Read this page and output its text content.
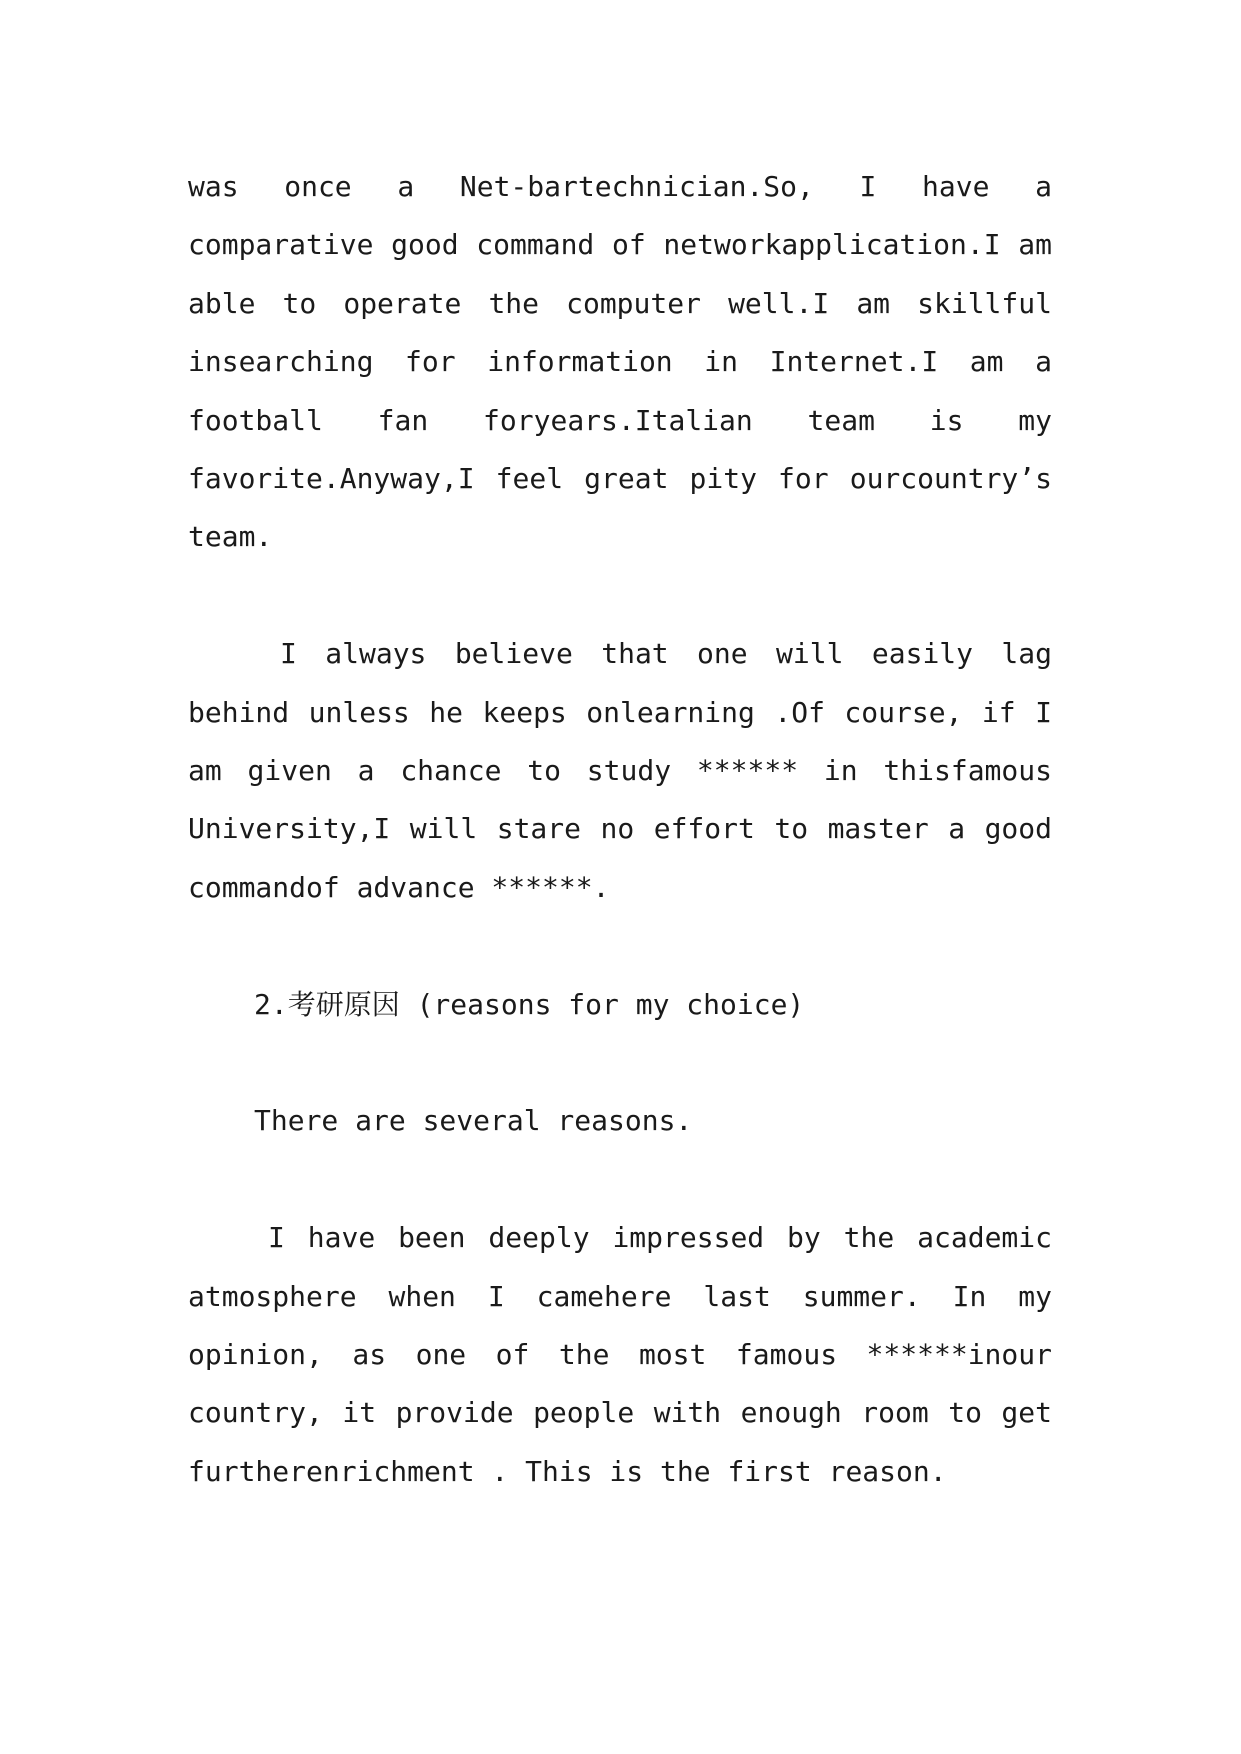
was once a Net-bartechnician.So, I have a comparative good command of networkapplication.I am able to operate the computer well.I am skillful insearching for information in Internet.I am a football fan foryears.Italian team is my favorite.Anyway,I feel great pity for ourcountry’s team.

I always believe that one will easily lag behind unless he keeps onlearning .Of course, if I am given a chance to study ****** in thisfamous University,I will stare no effort to master a good commandof advance ******.

2.考研原因 (reasons for my choice)

There are several reasons.

I have been deeply impressed by the academic atmosphere when I camehere last summer. In my opinion, as one of the most famous ******inour country, it provide people with enough room to get furtherenrichment . This is the first reason.
